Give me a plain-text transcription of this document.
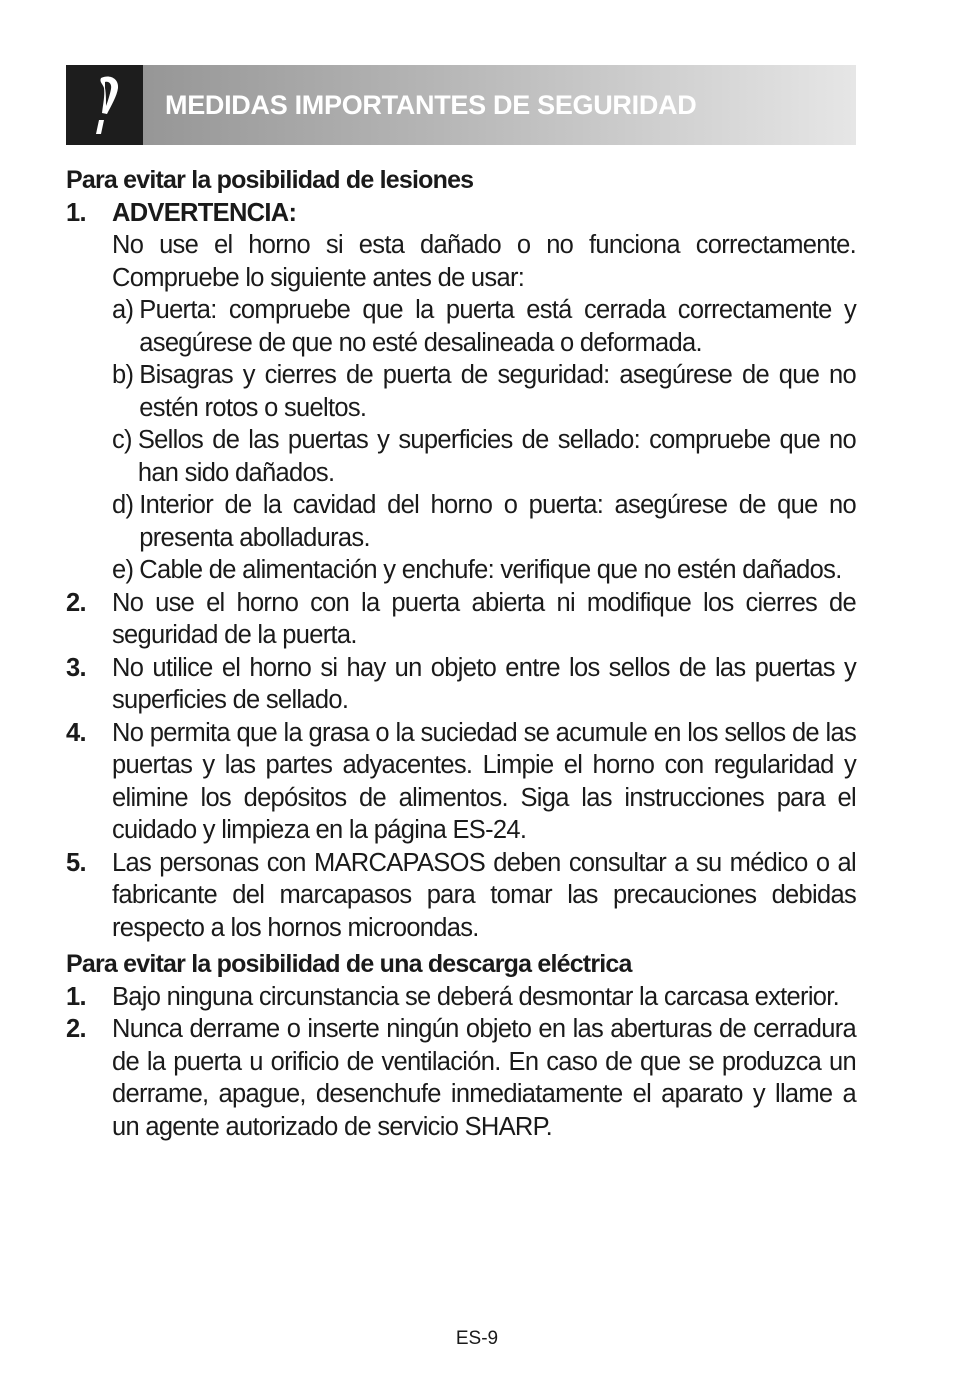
MEDIDAS IMPORTANTES DE SEGURIDAD
Para evitar la posibilidad de lesiones
1.	ADVERTENCIA:
No use el horno si esta dañado o no funciona correctamente. Compruebe lo siguiente antes de usar:
a) Puerta: compruebe que la puerta está cerrada correctamente y asegúrese de que no esté desalineada o deformada.
b) Bisagras y cierres de puerta de seguridad: asegúrese de que no estén rotos o sueltos.
c) Sellos de las puertas y superficies de sellado: compruebe que no han sido dañados.
d) Interior de la cavidad del horno o puerta: asegúrese de que no presenta abolladuras.
e) Cable de alimentación y enchufe: verifique que no estén dañados.
2.	No use el horno con la puerta abierta ni modifique los cierres de seguridad de la puerta.
3.	No utilice el horno si hay un objeto entre los sellos de las puertas y superficies de sellado.
4.	No permita que la grasa o la suciedad se acumule en los sellos de las puertas y las partes adyacentes. Limpie el horno con regularidad y elimine los depósitos de alimentos. Siga las instrucciones para el cuidado y limpieza en la página ES-24.
5.	Las personas con MARCAPASOS deben consultar a su médico o al fabricante del marcapasos para tomar las precauciones debidas respecto a los hornos microondas.
Para evitar la posibilidad de una descarga eléctrica
1.	Bajo ninguna circunstancia se deberá desmontar la carcasa exterior.
2.	Nunca derrame o inserte ningún objeto en las aberturas de cerradura de la puerta u orificio de ventilación. En caso de que se produzca un derrame, apague, desenchufe inmediatamente el aparato y llame a un agente autorizado de servicio SHARP.
ES-9
